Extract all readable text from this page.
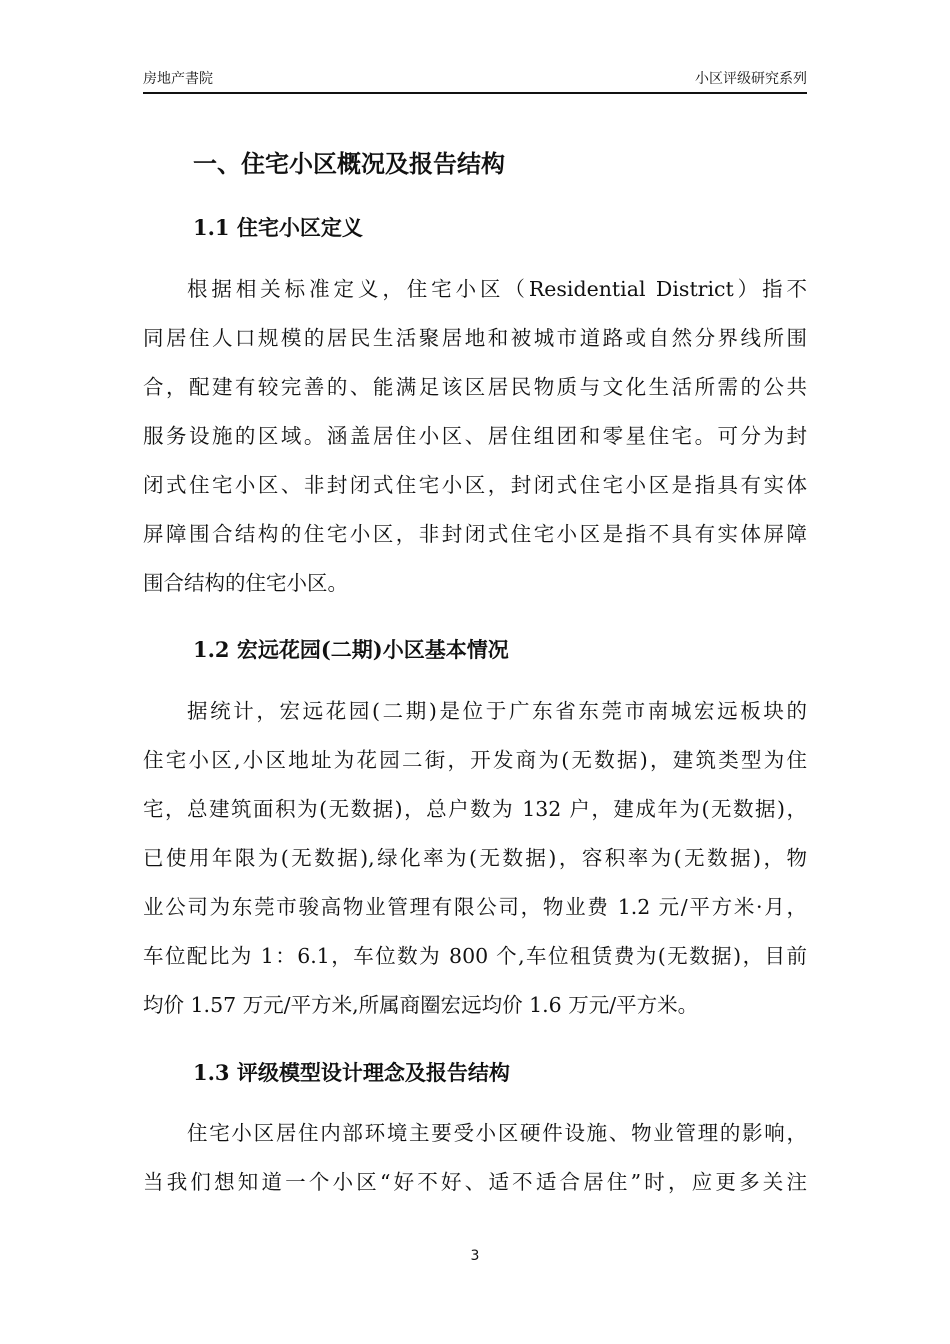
房地产書院	小区评级研究系列
一、住宅小区概况及报告结构
1.1 住宅小区定义
根据相关标准定义，住宅小区（Residential District）指不
同居住人口规模的居民生活聚居地和被城市道路或自然分界线所围
合，配建有较完善的、能满足该区居民物质与文化生活所需的公共
服务设施的区域。涵盖居住小区、居住组团和零星住宅。可分为封
闭式住宅小区、非封闭式住宅小区，封闭式住宅小区是指具有实体
屏障围合结构的住宅小区，非封闭式住宅小区是指不具有实体屏障
围合结构的住宅小区。
1.2 宏远花园(二期)小区基本情况
据统计，宏远花园(二期)是位于广东省东莞市南城宏远板块的
住宅小区,小区地址为花园二街，开发商为(无数据)，建筑类型为住
宅，总建筑面积为(无数据)，总户数为 132 户，建成年为(无数据)，
已使用年限为(无数据),绿化率为(无数据)，容积率为(无数据)，物
业公司为东莞市骏高物业管理有限公司，物业费 1.2 元/平方米·月，
车位配比为 1：6.1，车位数为 800 个,车位租赁费为(无数据)，目前
均价 1.57 万元/平方米,所属商圈宏远均价 1.6 万元/平方米。
1.3 评级模型设计理念及报告结构
住宅小区居住内部环境主要受小区硬件设施、物业管理的影响，
当我们想知道一个小区“好不好、适不适合居住”时，应更多关注
3
